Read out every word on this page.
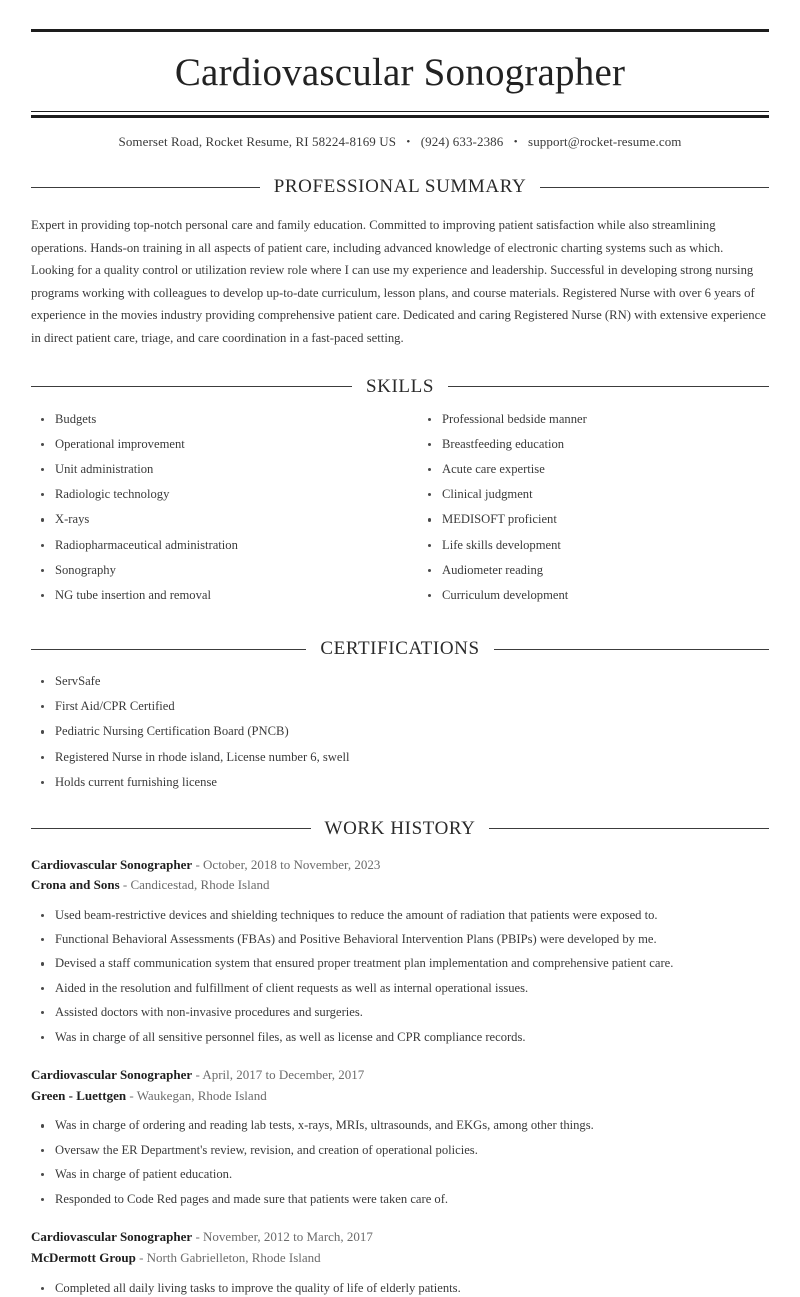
Cardiovascular Sonographer
Somerset Road, Rocket Resume, RI 58224-8169 US • (924) 633-2386 • support@rocket-resume.com
PROFESSIONAL SUMMARY

Expert in providing top-notch personal care and family education. Committed to improving patient satisfaction while also streamlining operations. Hands-on training in all aspects of patient care, including advanced knowledge of electronic charting systems such as which. Looking for a quality control or utilization review role where I can use my experience and leadership. Successful in developing strong nursing programs working with colleagues to develop up-to-date curriculum, lesson plans, and course materials. Registered Nurse with over 6 years of experience in the movies industry providing comprehensive patient care. Dedicated and caring Registered Nurse (RN) with extensive experience in direct patient care, triage, and care coordination in a fast-paced setting.

SKILLS
Budgets
Operational improvement
Unit administration
Radiologic technology
X-rays
Radiopharmaceutical administration
Sonography
NG tube insertion and removal
Professional bedside manner
Breastfeeding education
Acute care expertise
Clinical judgment
MEDISOFT proficient
Life skills development
Audiometer reading
Curriculum development
CERTIFICATIONS
ServSafe
First Aid/CPR Certified
Pediatric Nursing Certification Board (PNCB)
Registered Nurse in rhode island, License number 6, swell
Holds current furnishing license
WORK HISTORY
Cardiovascular Sonographer - October, 2018 to November, 2023
Crona and Sons - Candicestad, Rhode Island
Used beam-restrictive devices and shielding techniques to reduce the amount of radiation that patients were exposed to.
Functional Behavioral Assessments (FBAs) and Positive Behavioral Intervention Plans (PBIPs) were developed by me.
Devised a staff communication system that ensured proper treatment plan implementation and comprehensive patient care.
Aided in the resolution and fulfillment of client requests as well as internal operational issues.
Assisted doctors with non-invasive procedures and surgeries.
Was in charge of all sensitive personnel files, as well as license and CPR compliance records.
Cardiovascular Sonographer - April, 2017 to December, 2017
Green - Luettgen - Waukegan, Rhode Island
Was in charge of ordering and reading lab tests, x-rays, MRIs, ultrasounds, and EKGs, among other things.
Oversaw the ER Department's review, revision, and creation of operational policies.
Was in charge of patient education.
Responded to Code Red pages and made sure that patients were taken care of.
Cardiovascular Sonographer - November, 2012 to March, 2017
McDermott Group - North Gabrielleton, Rhode Island
Completed all daily living tasks to improve the quality of life of elderly patients.
